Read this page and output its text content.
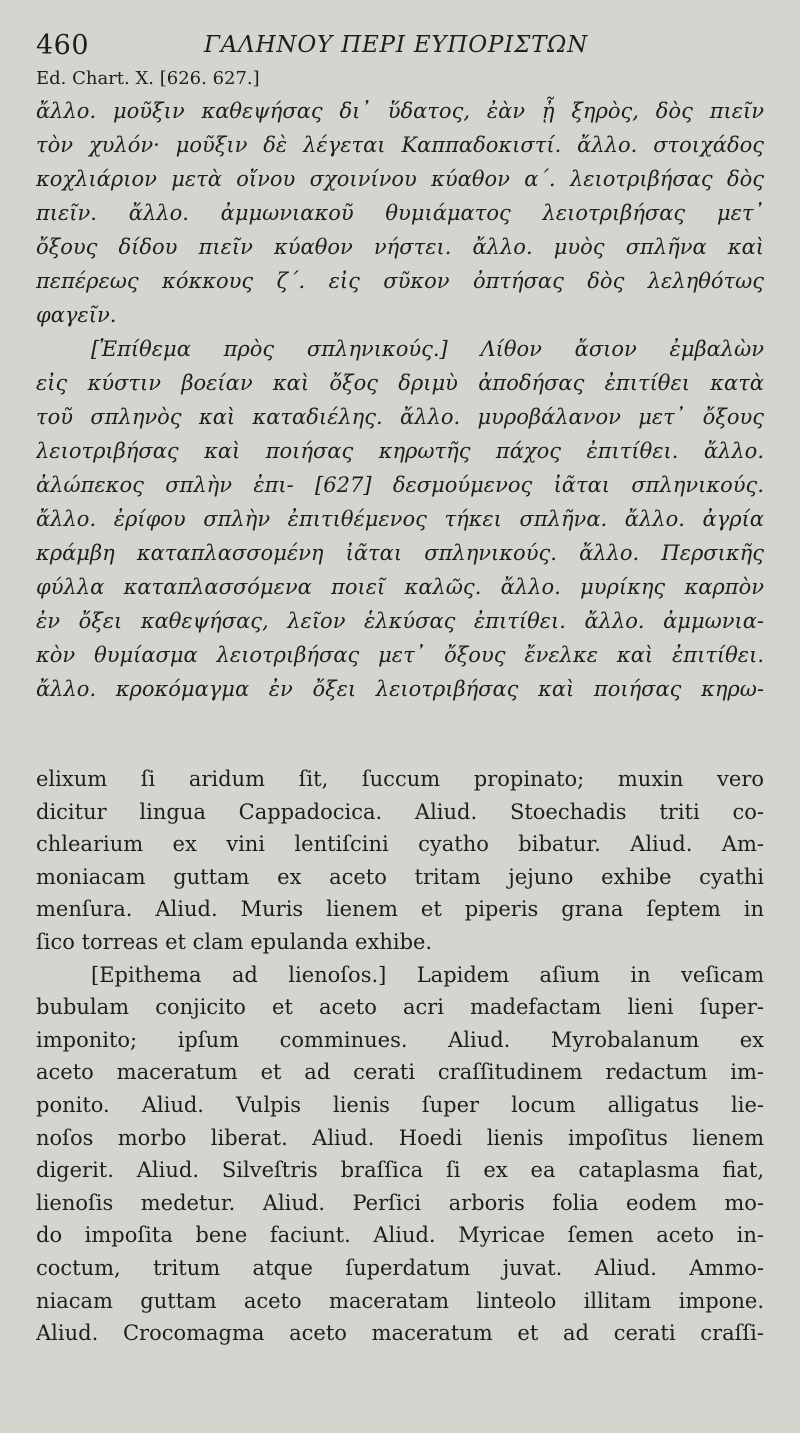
460	ΓΑΛΗΝΟΥ ΠΕΡΙ ΕΥΠΟΡΙΣΤΩΝ
Ed. Chart. X. [626. 627.]
ἄλλο. μοῦξιν καθεψήσας δι᾽ ὕδατος, ἐὰν ᾖ ξηρὸς, δὸς πιεῖν
τὸν χυλόν· μοῦξιν δὲ λέγεται Καππαδοκιστί. ἄλλο. στοιχάδος
κοχλιάριον μετὰ οἴνου σχοινίνου κύαθον α΄. λειοτριβήσας δὸς
πιεῖν. ἄλλο. ἀμμωνιακοῦ θυμιάματος λειοτριβήσας μετ᾽
ὄξους δίδου πιεῖν κύαθον νήστει. ἄλλο. μυὸς σπλῆνα καὶ
πεπέρεως κόκκους ζ΄. εἰς σῦκον ὀπτήσας δὸς λεληθότως
φαγεῖν.
[Ἐπίθεμα πρὸς σπληνικούς.] Λίθον ἄσιον ἐμβαλὼν
εἰς κύστιν βοείαν καὶ ὄξος δριμὺ ἀποδήσας ἐπιτίθει κατὰ
τοῦ σπληνὸς καὶ καταδιέλης. ἄλλο. μυροβάλανον μετ᾽ ὄξους
λειοτριβήσας καὶ ποιήσας κηρωτῆς πάχος ἐπιτίθει. ἄλλο.
ἀλώπεκος σπλὴν ἐπι- [627] δεσμούμενος ἰᾶται σπληνικούς.
ἄλλο. ἐρίφου σπλὴν ἐπιτιθέμενος τήκει σπλῆνα. ἄλλο. ἀγρία
κράμβη καταπλασσομένη ἰᾶται σπληνικούς. ἄλλο. Περσικῆς
φύλλα καταπλασσόμενα ποιεῖ καλῶς. ἄλλο. μυρίκης καρπὸν
ἐν ὄξει καθεψήσας, λεῖον ἑλκύσας ἐπιτίθει. ἄλλο. ἀμμωνια-
κὸν θυμίασμα λειοτριβήσας μετ᾽ ὄξους ἔνελκε καὶ ἐπιτίθει.
ἄλλο. κροκόμαγμα ἐν ὄξει λειοτριβήσας καὶ ποιήσας κηρω-
elixum ſi aridum ſit, ſuccum propinato; muxin vero
dicitur lingua Cappadocica. Aliud. Stoechadis triti co-
chlearium ex vini lentiſcini cyatho bibatur. Aliud. Am-
moniacam guttam ex aceto tritam jejuno exhibe cyathi
menſura. Aliud. Muris lienem et piperis grana ſeptem in
ſico torreas et clam epulanda exhibe.
[Epithema ad lienoſos.] Lapidem aſium in veſicam
bubulam conjicito et aceto acri madefactam lieni ſuper-
imponito; ipſum comminues. Aliud. Myrobalanum ex
aceto maceratum et ad cerati craſſitudinem redactum im-
ponito. Aliud. Vulpis lienis ſuper locum alligatus lie-
noſos morbo liberat. Aliud. Hoedi lienis impoſitus lienem
digerit. Aliud. Silveſtris braſſica ſi ex ea cataplasma fiat,
lienoſis medetur. Aliud. Perſici arboris folia eodem mo-
do impoſita bene faciunt. Aliud. Myricae ſemen aceto in-
coctum, tritum atque ſuperdatum juvat. Aliud. Ammo-
niacam guttam aceto maceratam linteolo illitam impone.
Aliud. Crocomagma aceto maceratum et ad cerati craſſi-
